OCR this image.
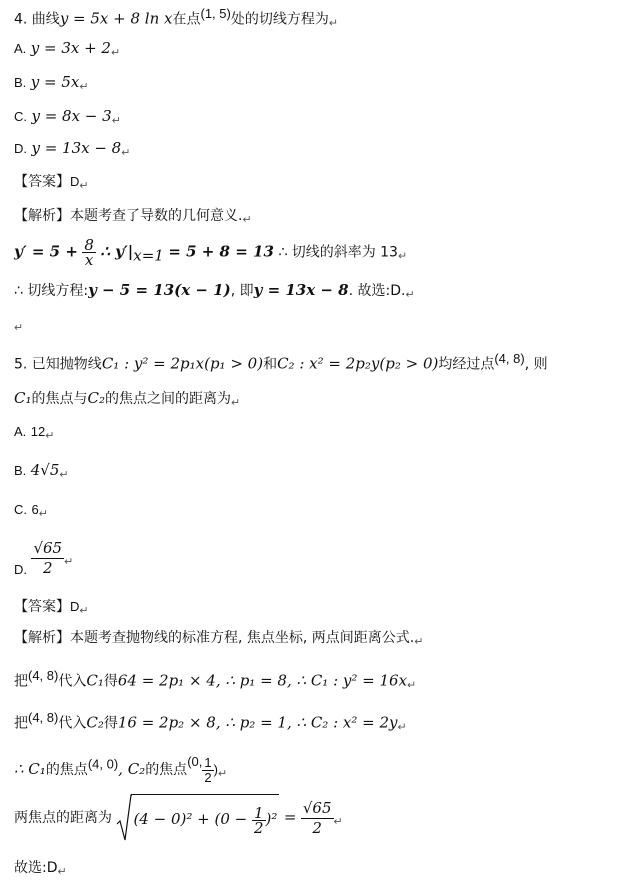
4. 曲线y = 5x + 8 ln x在点$^{(1, 5)}$处的切线方程为$_↵$
A. $y = 3x + 2_↵$
B. $y = 5x_↵$
C. $y = 8x - 3_↵$
D. $y = 13x - 8_↵$
【答案】$D_↵$
【解析】本题考查了导数的几何意义$._↵$
$y' = 5 + \frac{8}{x}$ ∴ $y'|_{x=1} = 5 + 8 = 13$ ∴ 切线的斜率为 $13_↵$
∴ 切线方程:y − 5 = 13(x − 1), 即y = 13x − 8. 故选$:D._↵$
$_↵$
5. 已知抛物线C₁ : y² = 2p₁x(p₁ > 0)和C₂ : x² = 2p₂y(p₂ > 0)均经过点$^{(4, 8)}$, 则
C₁的焦点与C₂的焦点之间的距离为$_↵$
A. $12_↵$
B. $4√5_↵$
C. $6_↵$
D. $\frac{√65}{2} _↵$
【答案】$D_↵$
【解析】本题考查抛物线的标准方程, 焦点坐标, 两点间距离公式$._↵$
把$^{(4, 8)}$代入C₁得64 = 2p₁ × 4, ∴ p₁ = 8, ∴ C₁ : $y^2 = 16x_↵$
把$^{(4, 8)}$代入C₂得16 = 2p₂ × 8, ∴ p₂ = 1, ∴ C₂ : $x^2 = 2y_↵$
∴ C₁的焦点$^{(4, 0)}$, C₂的焦点(0, $\frac{1}{2} )_↵$
两焦点的距离为 $(4 - 0)^2 + (0 - \frac{1}{2} )^2 = \frac{√65}{2} _↵$
故选$:D_↵$
